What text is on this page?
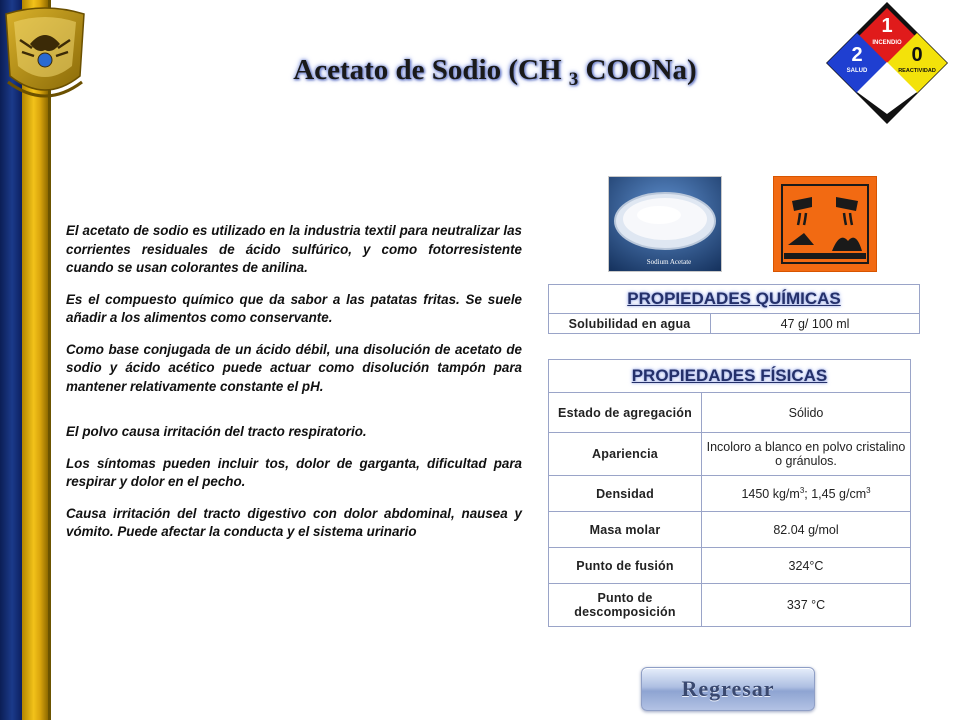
Acetato de Sodio (CH $_3$ COONa)
1
INCENDIO
2
SALUD
0
REACTIVIDAD
Sodium Acetate

El acetato de sodio es utilizado en la industria textil para neutralizar las corrientes residuales de ácido sulfúrico, y como fotorresistente cuando se usan colorantes de anilina.

Es el compuesto químico que da sabor a las patatas fritas. Se suele añadir a los alimentos como conservante.

Como base conjugada de un ácido débil, una disolución de acetato de sodio y ácido acético puede actuar como disolución tampón para mantener relativamente constante el pH.

El polvo causa irritación del tracto respiratorio.

Los síntomas pueden incluir tos, dolor de garganta, dificultad para respirar y dolor en el pecho.

Causa irritación del tracto digestivo con dolor abdominal, nausea y vómito. Puede afectar la conducta y el sistema urinario

PROPIEDADES QUÍMICAS
Solubilidad en agua	47 g/ 100 ml
PROPIEDADES FÍSICAS	
Estado de agregación	Sólido
Apariencia	Incoloro a blanco en polvo cristalino o gránulos.
Densidad	1450 $kg/m^3$; 1,45 $g/cm^3$
Masa molar	82.04 g/mol
Punto de fusión	324°C
Punto de descomposición	337 °C
Regresar
